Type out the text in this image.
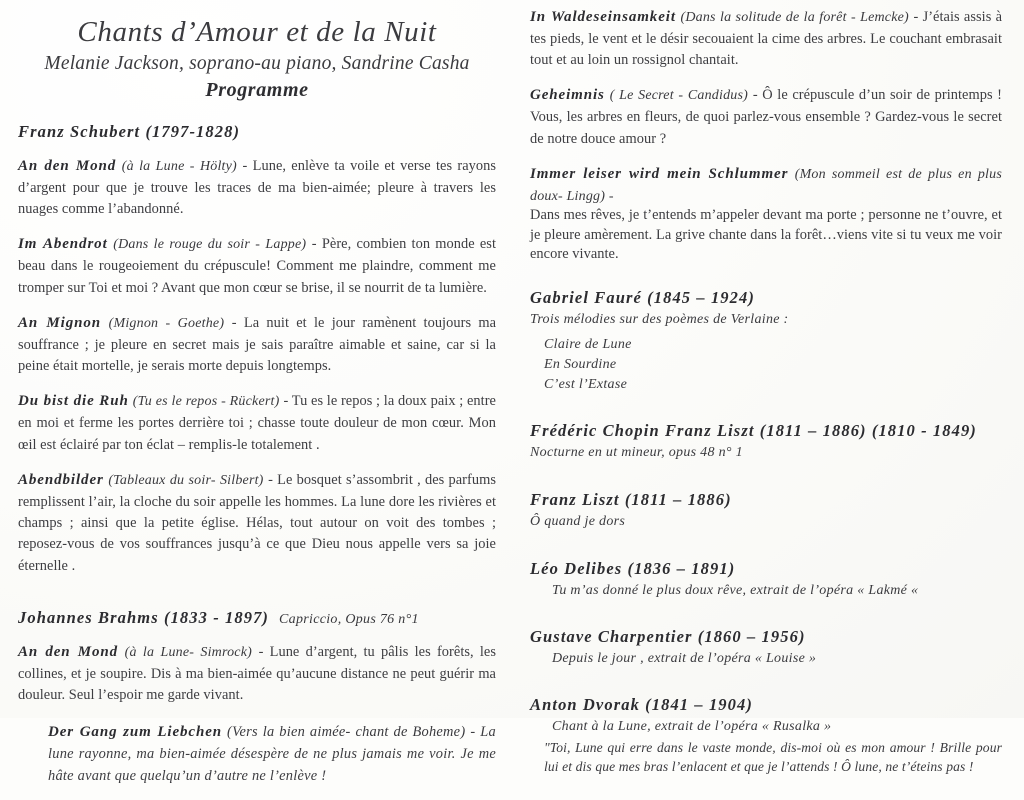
Chants d’Amour et de la Nuit
Melanie Jackson, soprano-au piano, Sandrine Casha
Programme
Franz Schubert (1797-1828)
An den Mond (à la Lune - Hölty) - Lune, enlève ta voile et verse tes rayons d’argent pour que je trouve les traces de ma bien-aimée; pleure à travers les nuages comme l’abandonné.
Im Abendrot (Dans le rouge du soir - Lappe) - Père, combien ton monde est beau dans le rougeoiement du crépuscule! Comment me plaindre, comment me tromper sur Toi et moi ? Avant que mon cœur se brise, il se nourrit de ta lumière.
An Mignon (Mignon - Goethe) - La nuit et le jour ramènent toujours ma souffrance ; je pleure en secret mais je sais paraître aimable et saine, car si la peine était mortelle, je serais morte depuis longtemps.
Du bist die Ruh (Tu es le repos - Rückert) - Tu es le repos ; la doux paix ; entre en moi et ferme les portes derrière toi ; chasse toute douleur de mon cœur. Mon œil est éclairé par ton éclat – remplis-le totalement .
Abendbilder (Tableaux du soir- Silbert) - Le bosquet s’assombrit , des parfums remplissent l’air, la cloche du soir appelle les hommes. La lune dore les rivières et champs ; ainsi que la petite église. Hélas, tout autour on voit des tombes ; reposez-vous de vos souffrances jusqu’à ce que Dieu nous appelle vers sa joie éternelle .
Johannes Brahms (1833 - 1897) Capriccio, Opus 76 n°1
An den Mond (à la Lune- Simrock) - Lune d’argent, tu pâlis les forêts, les collines, et je soupire. Dis à ma bien-aimée qu’aucune distance ne peut guérir ma douleur. Seul l’espoir me garde vivant.
Der Gang zum Liebchen (Vers la bien aimée- chant de Boheme) - La lune rayonne, ma bien-aimée désespère de ne plus jamais me voir. Je me hâte avant que quelqu’un d’autre ne l’enlève !
In Waldeseinsamkeit (Dans la solitude de la forêt - Lemcke) - J’étais assis à tes pieds, le vent et le désir secouaient la cime des arbres. Le couchant embrasait tout et au loin un rossignol chantait.
Geheimnis ( Le Secret - Candidus) - Ô le crépuscule d’un soir de printemps ! Vous, les arbres en fleurs, de quoi parlez-vous ensemble ? Gardez-vous le secret de notre douce amour ?
Immer leiser wird mein Schlummer (Mon sommeil est de plus en plus doux- Lingg) -
Dans mes rêves, je t’entends m’appeler devant ma porte ; personne ne t’ouvre, et je pleure amèrement. La grive chante dans la forêt…viens vite si tu veux me voir encore vivante.
Gabriel Fauré (1845 – 1924)
Trois mélodies sur des poèmes de Verlaine :
Claire de Lune
En Sourdine
C’est l’Extase
Frédéric Chopin Franz Liszt (1811 – 1886) (1810 - 1849)
Nocturne en ut mineur, opus 48 n° 1
Franz Liszt (1811 – 1886)
Ô quand je dors
Léo Delibes (1836 – 1891)
Tu m’as donné le plus doux rêve, extrait de l’opéra « Lakmé «
Gustave Charpentier (1860 – 1956)
Depuis le jour , extrait de l’opéra « Louise »
Anton Dvorak (1841 – 1904)
Chant à la Lune, extrait de l’opéra « Rusalka »
"Toi, Lune qui erre dans le vaste monde, dis-moi où es mon amour ! Brille pour lui et dis que mes bras l’enlacent et que je l’attends ! Ô lune, ne t’éteins pas !
